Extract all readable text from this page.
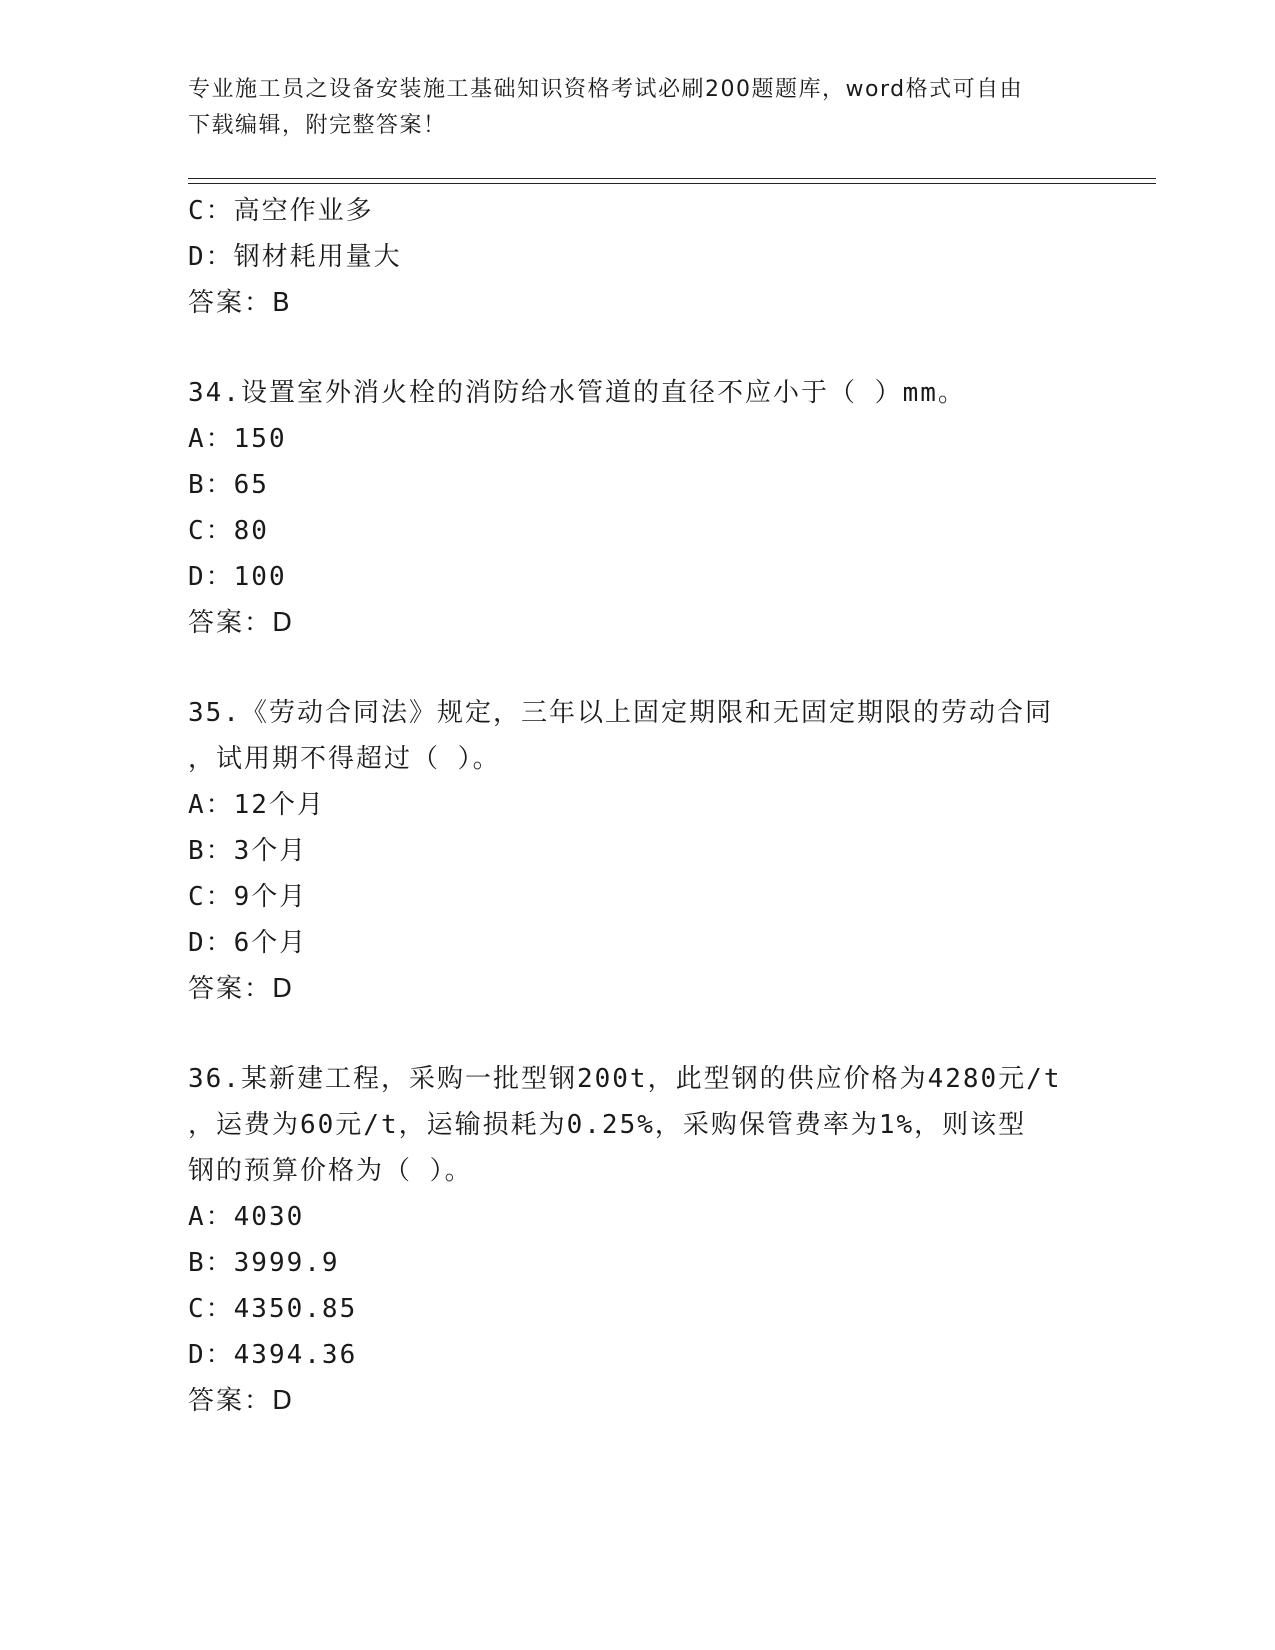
专业施工员之设备安装施工基础知识资格考试必刷200题题库，word格式可自由
下载编辑，附完整答案！
C：高空作业多
D：钢材耗用量大
答案：B
34.设置室外消火栓的消防给水管道的直径不应小于（ ）mm。
A：150
B：65
C：80
D：100
答案：D
35.《劳动合同法》规定，三年以上固定期限和无固定期限的劳动合同
，试用期不得超过（ ）。
A：12个月
B：3个月
C：9个月
D：6个月
答案：D
36.某新建工程，采购一批型钢200t，此型钢的供应价格为4280元/t
，运费为60元/t，运输损耗为0.25%，采购保管费率为1%，则该型
钢的预算价格为（ ）。
A：4030
B：3999.9
C：4350.85
D：4394.36
答案：D
